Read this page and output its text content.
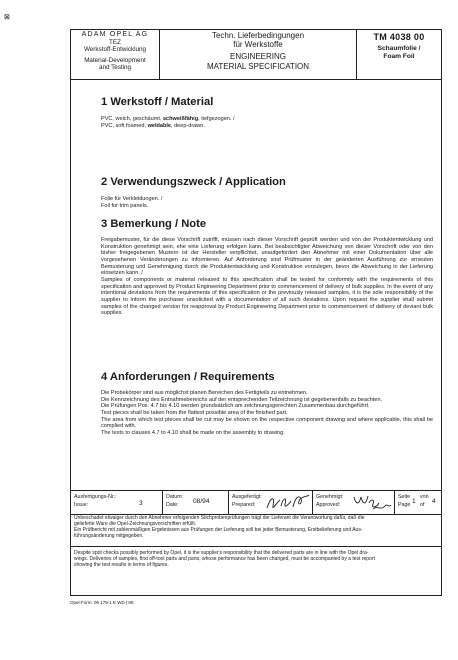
⊠
ADAM OPEL AG
TEZ
Werkstoff-Entwicklung
Material-Development
and Testing
Techn. Lieferbedingungen
für Werkstoffe
ENGINEERING
MATERIAL SPECIFICATION
TM 4038 00
Schaumfolie /
Foam Foil
1 Werkstoff / Material

PVC, weich, geschäumt, schweißfähig, tiefgezogen. /

PVC, soft foamed, weldable, deep-drawn.

2 Verwendungszweck / Application

Folie für Verkleidungen. /

Foil for trim panels.

3 Bemerkung / Note

Freigabemuster, für die diese Vorschrift zutrifft, müssen nach dieser Vorschrift geprüft werden und von der Produktentwicklung und Konstruktion genehmigt sein, ehe eine Lieferung erfolgen kann. Bei beabsichtigter Abweichung von dieser Vorschrift oder von den bisher freigegebenen Mustern ist der Hersteller verpflichtet, unaufgefordert den Abnehmer mit einer Dokumentation über alle vorgesehenen Veränderungen zu informieren. Auf Anforderung sind Prüfmuster in der geänderten Ausführung zur erneuten Bemusterung und Genehmigung durch die Produktentwicklung und Konstruktion vorzulegen, bevor die Abweichung in der Lieferung einsetzen kann. /

Samples of components or material released to this specification shall be tested for conformity with the requirements of this specification and approved by Product Engineering Department prior to commencement of delivery of bulk supplies. In the event of any intentional deviations from the requirements of this specification or the previously released samples, it is the sole responsibility of the supplier to inform the purchaser unsolicited with a documentation of all such deviations. Upon request the supplier shall submit samples of the changed version for reapproval by Product Engineering Department prior to commencement of delivery of deviant bulk supplies.

4 Anforderungen / Requirements

Die Probekörper sind aus möglichst planen Bereichen des Fertigteils zu entnehmen.

Die Kennzeichnung des Entnahmebereichs auf der entsprechenden Teilzeichnung ist gegebenenfalls zu beachten.

Die Prüfungen Pos. 4.7 bis 4.10 werden grundsätzlich am zeichnungsgerechten Zusammenbau durchgeführt.

Test pieces shall be taken from the flattest possible area of the finished part.

The area from which test pieces shall be cut may be shown on the respective component drawing and where applicable, this shall be complied with.

The tests to clauses 4.7 to 4.10 shall be made on the assembly to drawing.

Ausfertigungs-Nr.:
Issue:	3
Datum:
Date: 08/94
Ausgefertigt:
Prepared:
Genehmigt:
Approved:
Seite
Page 1
von
of 4
Unbeschadet etwaiger durch den Abnehmer erfolgenden Stichprobenprüfungen trägt der Lieferant die Verantwortung dafür, daß die
gelieferte Ware die Opel-Zeichnungsvorschriften erfüllt.
Ein Prüfbericht mit zahlenmäßigen Ergebnissen aus Prüfungen der Lieferung soll bei jeder Bemusterung, Erstbelieferung und Aus-
führungsänderung mitgegeben.
Despite spot checks possibly performed by Opel, it is the supplier's responsibility that the delivered parts are in line with the Opel dra-
wings. Deliveries of samples, first off-tool parts and parts, whose performance has been changed, must be accompanied by a test report
showing the test results in terms of figures.
Opel-Form. 06 179-1 E WD | 88
